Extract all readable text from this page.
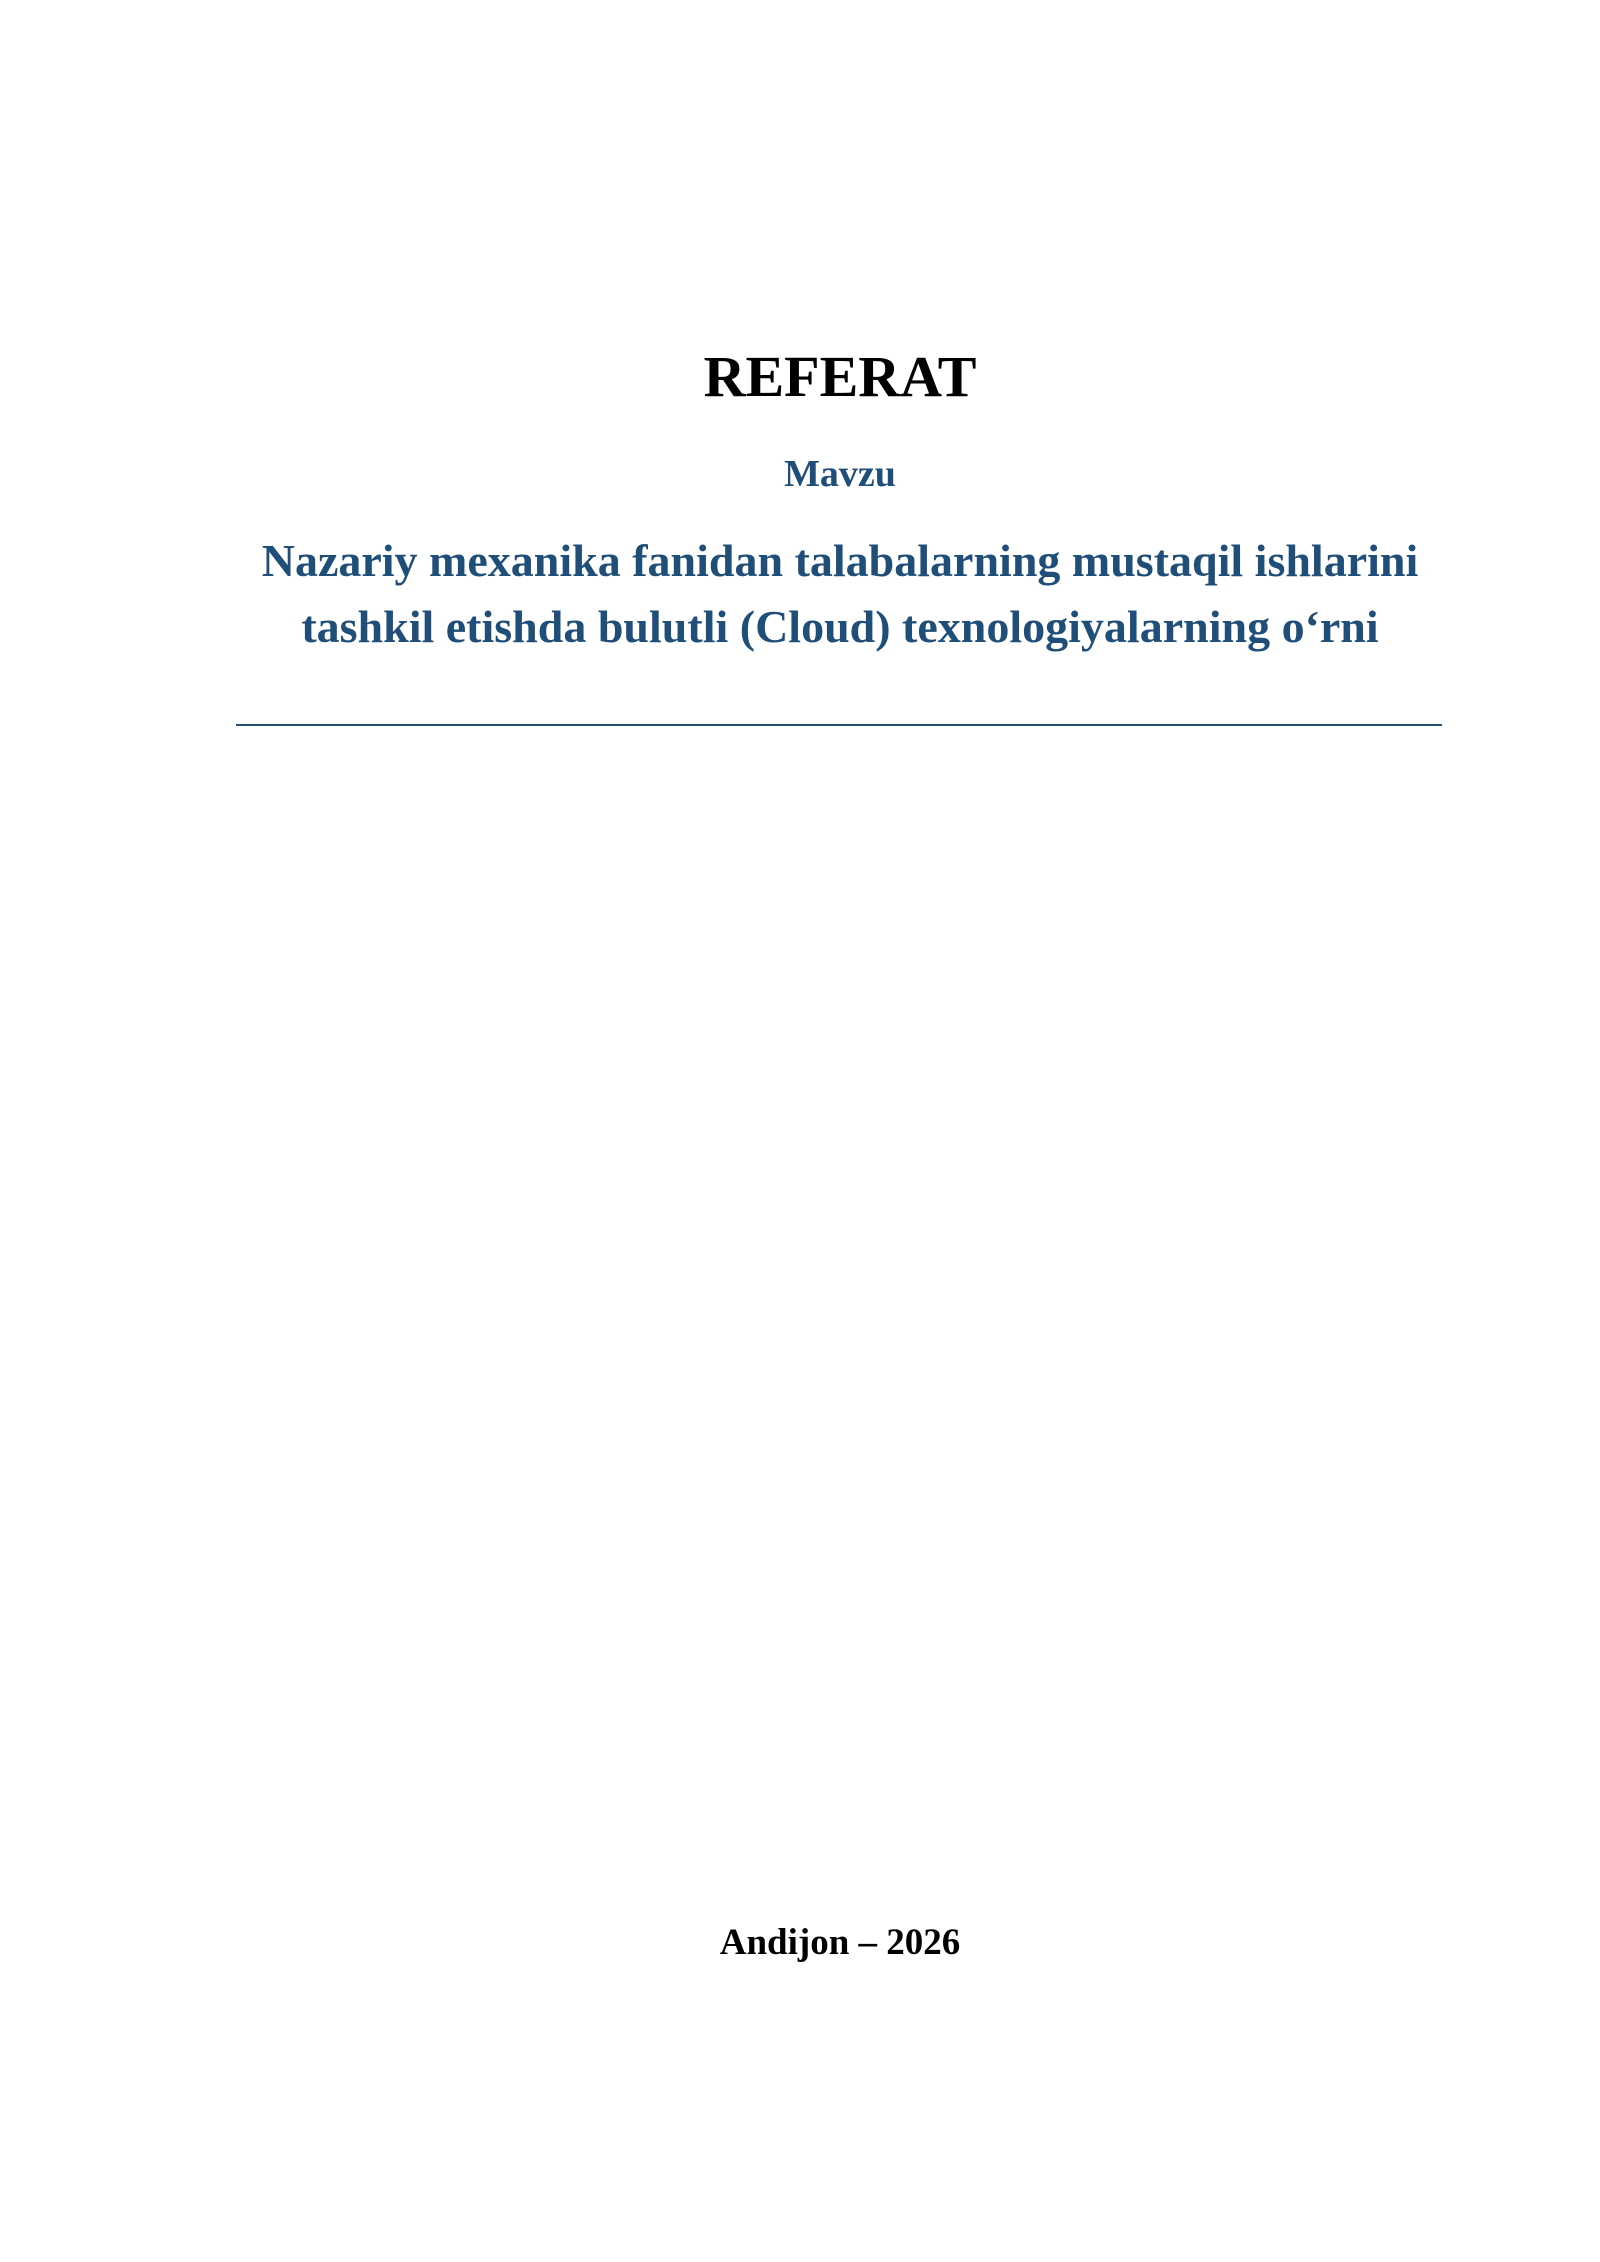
REFERAT
Mavzu
Nazariy mexanika fanidan talabalarning mustaqil ishlarini
tashkil etishda bulutli (Cloud) texnologiyalarning o‘rni
Andijon – 2026
